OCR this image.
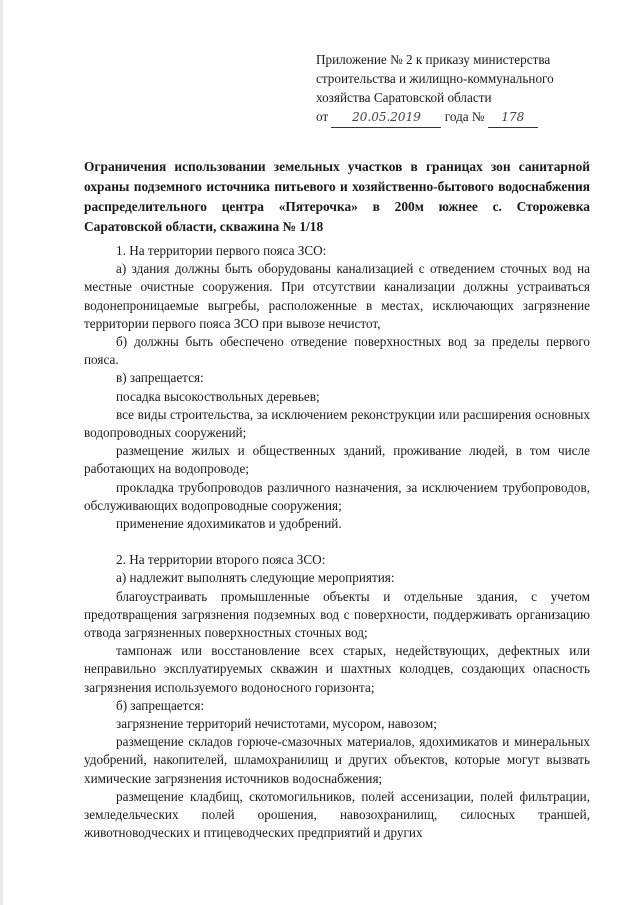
Приложение № 2 к приказу министерства
строительства и жилищно-коммунального
хозяйства Саратовской области
от 20.05.2019 года № 178
Ограничения использовании земельных участков в границах зон санитарной охраны подземного источника питьевого и хозяйственно-бытового водоснабжения распределительного центра «Пятерочка» в 200м южнее с. Сторожевка Саратовской области, скважина № 1/18

1. На территории первого пояса ЗСО:

а) здания должны быть оборудованы канализацией с отведением сточных вод на местные очистные сооружения. При отсутствии канализации должны устраиваться водонепроницаемые выгребы, расположенные в местах, исключающих загрязнение территории первого пояса ЗСО при вывозе нечистот,

б) должны быть обеспечено отведение поверхностных вод за пределы первого пояса.

в) запрещается:

посадка высокоствольных деревьев;

все виды строительства, за исключением реконструкции или расширения основных водопроводных сооружений;

размещение жилых и общественных зданий, проживание людей, в том числе работающих на водопроводе;

прокладка трубопроводов различного назначения, за исключением трубопроводов, обслуживающих водопроводные сооружения;

применение ядохимикатов и удобрений.

2. На территории второго пояса ЗСО:

а) надлежит выполнять следующие мероприятия:

благоустраивать промышленные объекты и отдельные здания, с учетом предотвращения загрязнения подземных вод с поверхности, поддерживать организацию отвода загрязненных поверхностных сточных вод;

тампонаж или восстановление всех старых, недействующих, дефектных или неправильно эксплуатируемых скважин и шахтных колодцев, создающих опасность загрязнения используемого водоносного горизонта;

б) запрещается:

загрязнение территорий нечистотами, мусором, навозом;

размещение складов горюче-смазочных материалов, ядохимикатов и минеральных удобрений, накопителей, шламохранилищ и других объектов, которые могут вызвать химические загрязнения источников водоснабжения;

размещение кладбищ, скотомогильников, полей ассенизации, полей фильтрации, земледельческих полей орошения, навозохранилищ, силосных траншей, животноводческих и птицеводческих предприятий и других
